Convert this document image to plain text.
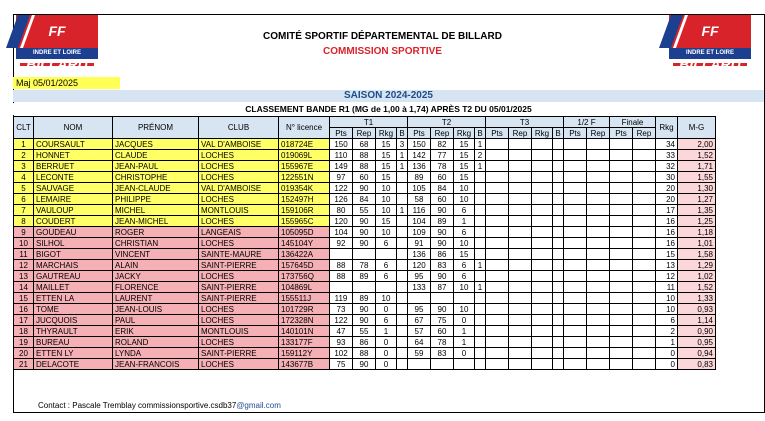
FF BILLARD
INDRE ET LOIRE
FF BILLARD
INDRE ET LOIRE
COMITÉ SPORTIF DÉPARTEMENTAL DE BILLARD
COMMISSION SPORTIVE
Maj 05/01/2025
SAISON 2024-2025
CLASSEMENT BANDE R1 (MG de 1,00 à 1,74) APRÈS T2 DU 05/01/2025
CLT	NOM	PRÉNOM	CLUB	N° licence	T1				T2				T3				1/2 F		Finale		Rkg	M-G
					Pts	Rep	Rkg	B	Pts	Rep	Rkg	B	Pts	Rep	Rkg	B	Pts	Rep	Pts	Rep		
1	COURSAULT	JACQUES	VAL D'AMBOISE	018724E	150	68	15	3	150	82	15	1									34	2,00
2	HONNET	CLAUDE	LOCHES	019069L	110	88	15	1	142	77	15	2									33	1,52
3	BERRUET	JEAN-PAUL	LOCHES	155967E	149	88	15	1	136	78	15	1									32	1,71
4	LECONTE	CHRISTOPHE	LOCHES	122551N	97	60	15		89	60	15										30	1,55
5	SAUVAGE	JEAN-CLAUDE	VAL D'AMBOISE	019354K	122	90	10		105	84	10										20	1,30
6	LEMAIRE	PHILIPPE	LOCHES	152497H	126	84	10		58	60	10										20	1,27
7	VAULOUP	MICHEL	MONTLOUIS	159106R	80	55	10	1	116	90	6										17	1,35
8	COUDERT	JEAN-MICHEL	LOCHES	155965C	120	90	15		104	89	1										16	1,25
9	GOUDEAU	ROGER	LANGEAIS	105095D	104	90	10		109	90	6										16	1,18
10	SILHOL	CHRISTIAN	LOCHES	145104Y	92	90	6		91	90	10										16	1,01
11	BIGOT	VINCENT	SAINTE-MAURE	136422A					136	86	15										15	1,58
12	MARCHAIS	ALAIN	SAINT-PIERRE	157645D	88	78	6		120	83	6	1									13	1,29
13	GAUTREAU	JACKY	LOCHES	173756Q	88	89	6		95	90	6										12	1,02
14	MAILLET	FLORENCE	SAINT-PIERRE	104869L					133	87	10	1									11	1,52
15	ETTEN LA	LAURENT	SAINT-PIERRE	155511J	119	89	10														10	1,33
16	TOME	JEAN-LOUIS	LOCHES	101729R	73	90	0		95	90	10										10	0,93
17	JUCQUOIS	PAUL	LOCHES	172328N	122	90	6		67	75	0										6	1,14
18	THYRAULT	ERIK	MONTLOUIS	140101N	47	55	1		57	60	1										2	0,90
19	BUREAU	ROLAND	LOCHES	133177F	93	86	0		64	78	1										1	0,95
20	ETTEN LY	LYNDA	SAINT-PIERRE	159112Y	102	88	0		59	83	0										0	0,94
21	DELACOTE	JEAN-FRANCOIS	LOCHES	143677B	75	90	0														0	0,83
Contact : Pascale Tremblay commissionsportive.csdb37@gmail.com
